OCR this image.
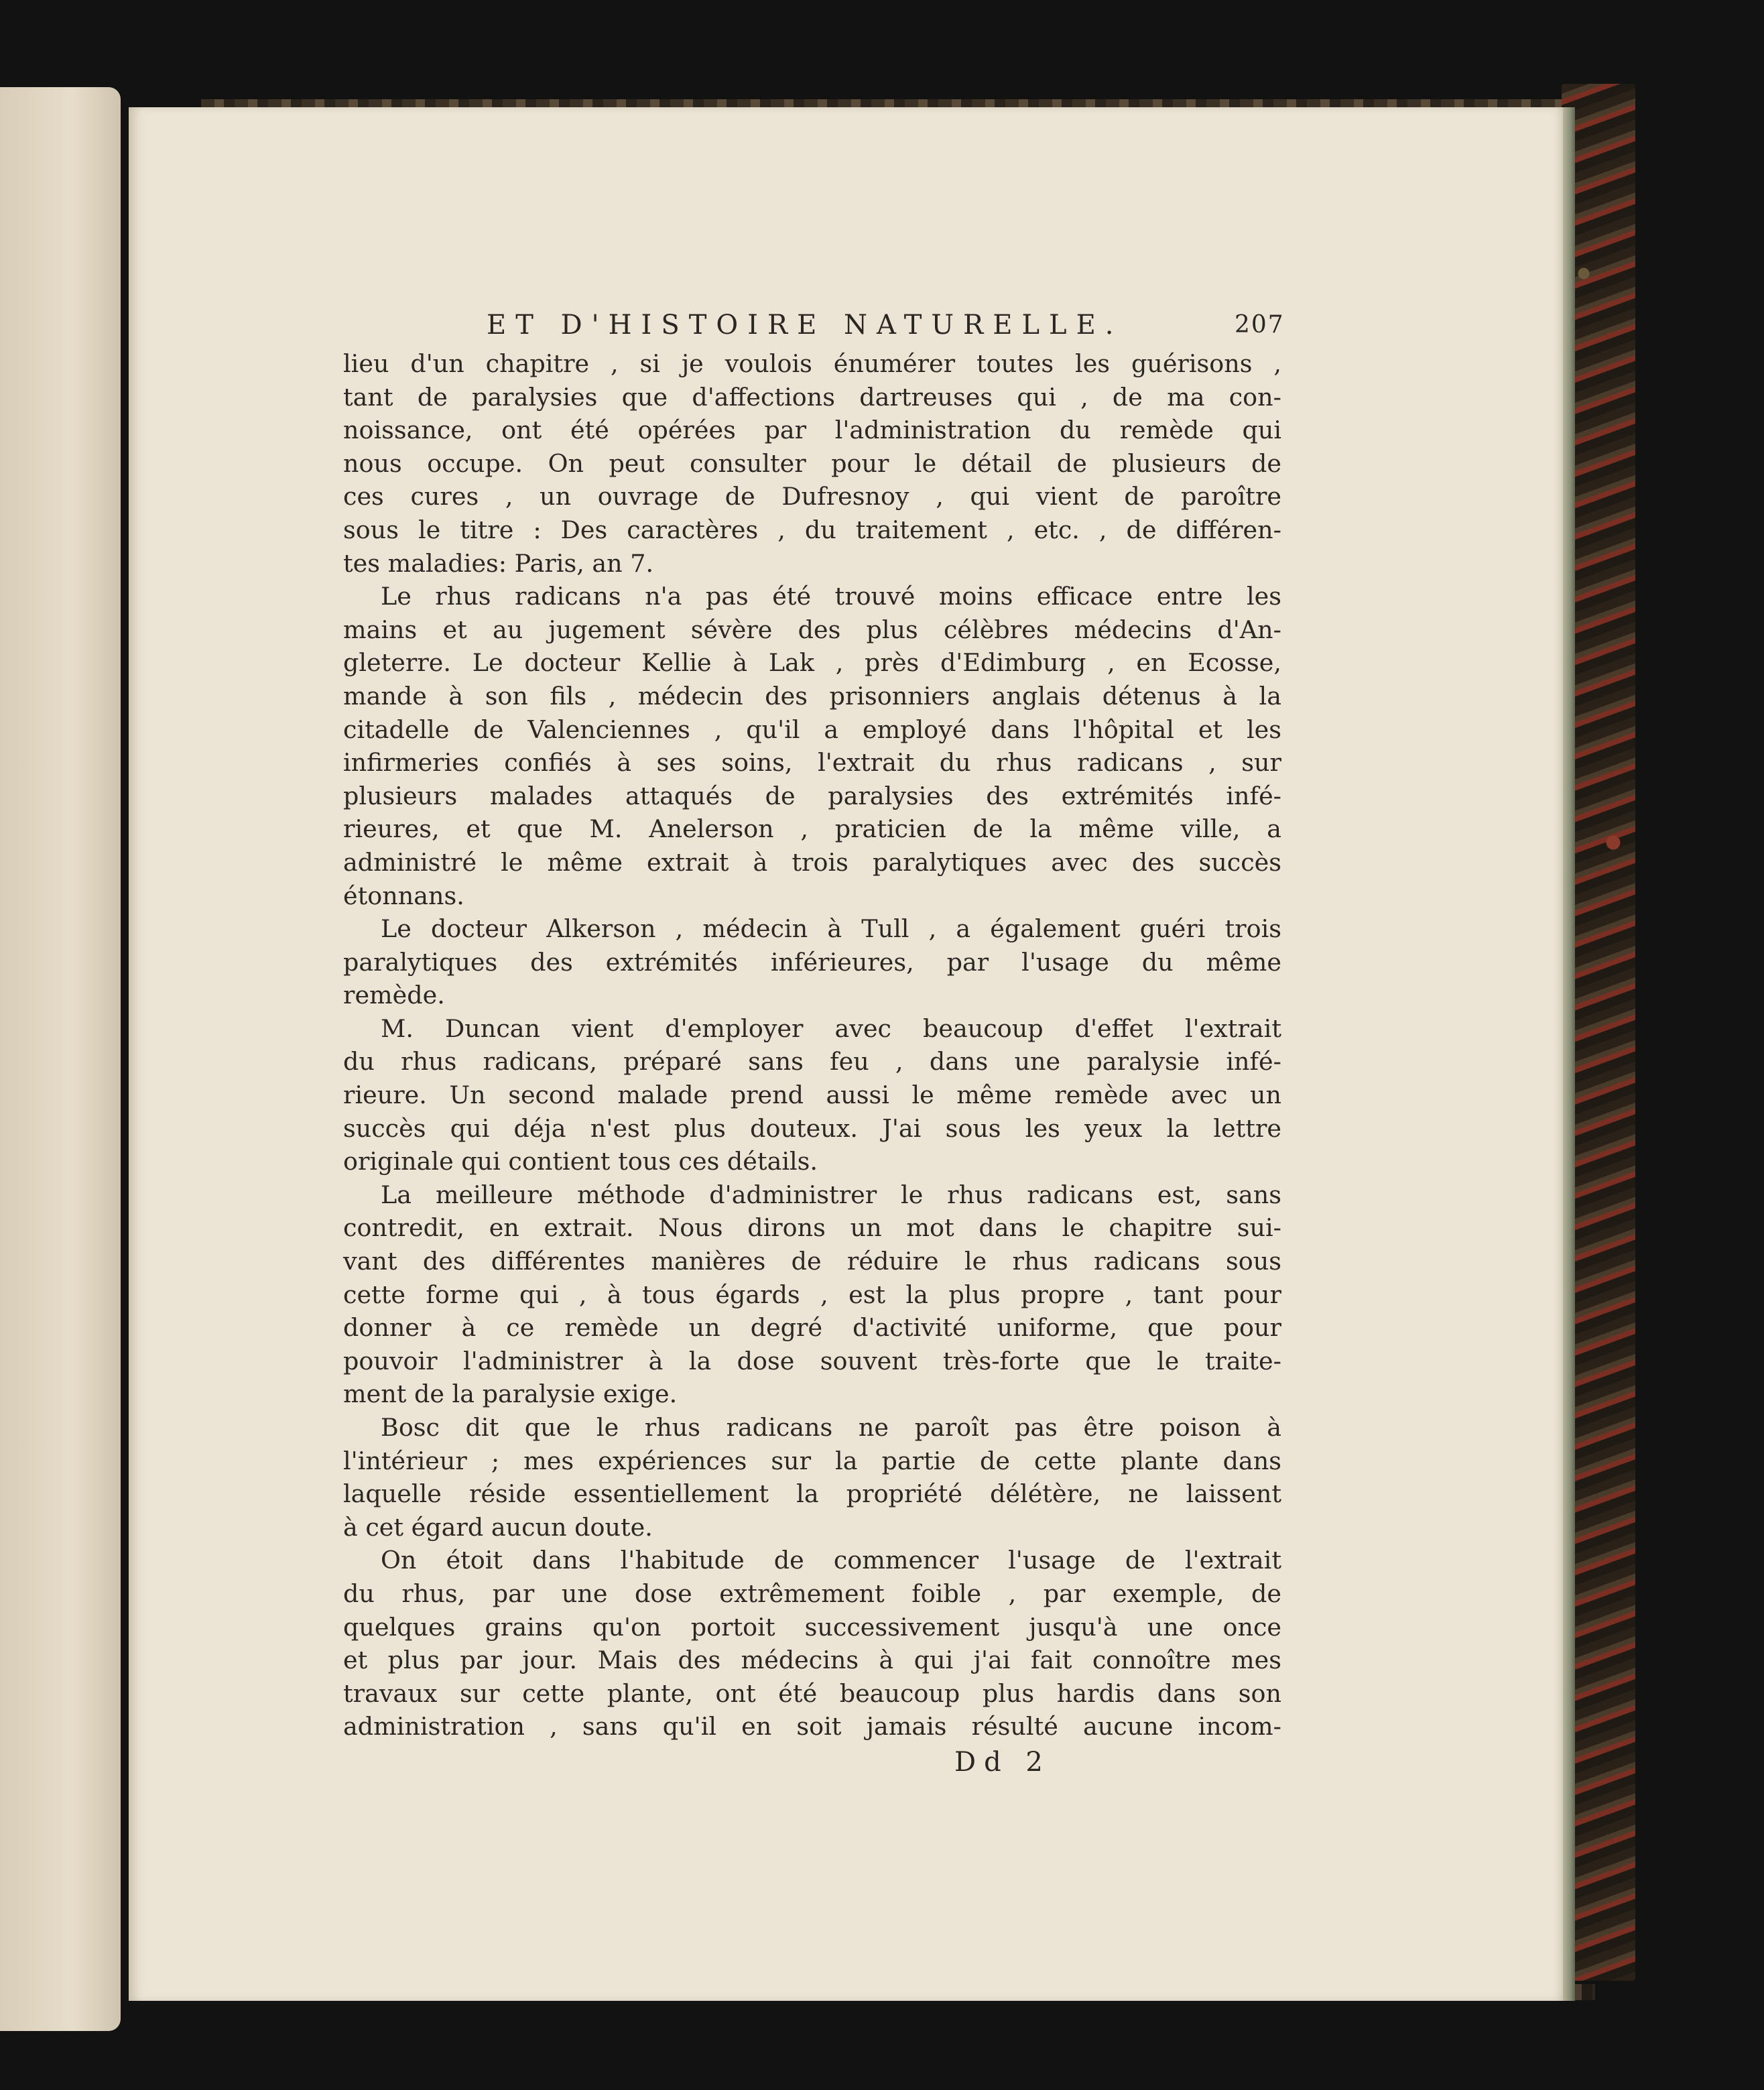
ET D'HISTOIRE NATURELLE.	207
lieu d'un chapitre , si je voulois énumérer toutes les guérisons ,
tant de paralysies que d'affections dartreuses qui , de ma con-
noissance, ont été opérées par l'administration du remède qui
nous occupe. On peut consulter pour le détail de plusieurs de
ces cures , un ouvrage de Dufresnoy , qui vient de paroître
sous le titre : Des caractères , du traitement , etc. , de différen-
tes maladies: Paris, an 7.
Le rhus radicans n'a pas été trouvé moins efficace entre les
mains et au jugement sévère des plus célèbres médecins d'An-
gleterre. Le docteur Kellie à Lak , près d'Edimburg , en Ecosse,
mande à son fils , médecin des prisonniers anglais détenus à la
citadelle de Valenciennes , qu'il a employé dans l'hôpital et les
infirmeries confiés à ses soins, l'extrait du rhus radicans , sur
plusieurs malades attaqués de paralysies des extrémités infé-
rieures, et que M. Anelerson , praticien de la même ville, a
administré le même extrait à trois paralytiques avec des succès
étonnans.
Le docteur Alkerson , médecin à Tull , a également guéri trois
paralytiques des extrémités inférieures, par l'usage du même
remède.
M. Duncan vient d'employer avec beaucoup d'effet l'extrait
du rhus radicans, préparé sans feu , dans une paralysie infé-
rieure. Un second malade prend aussi le même remède avec un
succès qui déja n'est plus douteux. J'ai sous les yeux la lettre
originale qui contient tous ces détails.
La meilleure méthode d'administrer le rhus radicans est, sans
contredit, en extrait. Nous dirons un mot dans le chapitre sui-
vant des différentes manières de réduire le rhus radicans sous
cette forme qui , à tous égards , est la plus propre , tant pour
donner à ce remède un degré d'activité uniforme, que pour
pouvoir l'administrer à la dose souvent très-forte que le traite-
ment de la paralysie exige.
Bosc dit que le rhus radicans ne paroît pas être poison à
l'intérieur ; mes expériences sur la partie de cette plante dans
laquelle réside essentiellement la propriété délétère, ne laissent
à cet égard aucun doute.
On étoit dans l'habitude de commencer l'usage de l'extrait
du rhus, par une dose extrêmement foible , par exemple, de
quelques grains qu'on portoit successivement jusqu'à une once
et plus par jour. Mais des médecins à qui j'ai fait connoître mes
travaux sur cette plante, ont été beaucoup plus hardis dans son
administration , sans qu'il en soit jamais résulté aucune incom-
Dd 2
